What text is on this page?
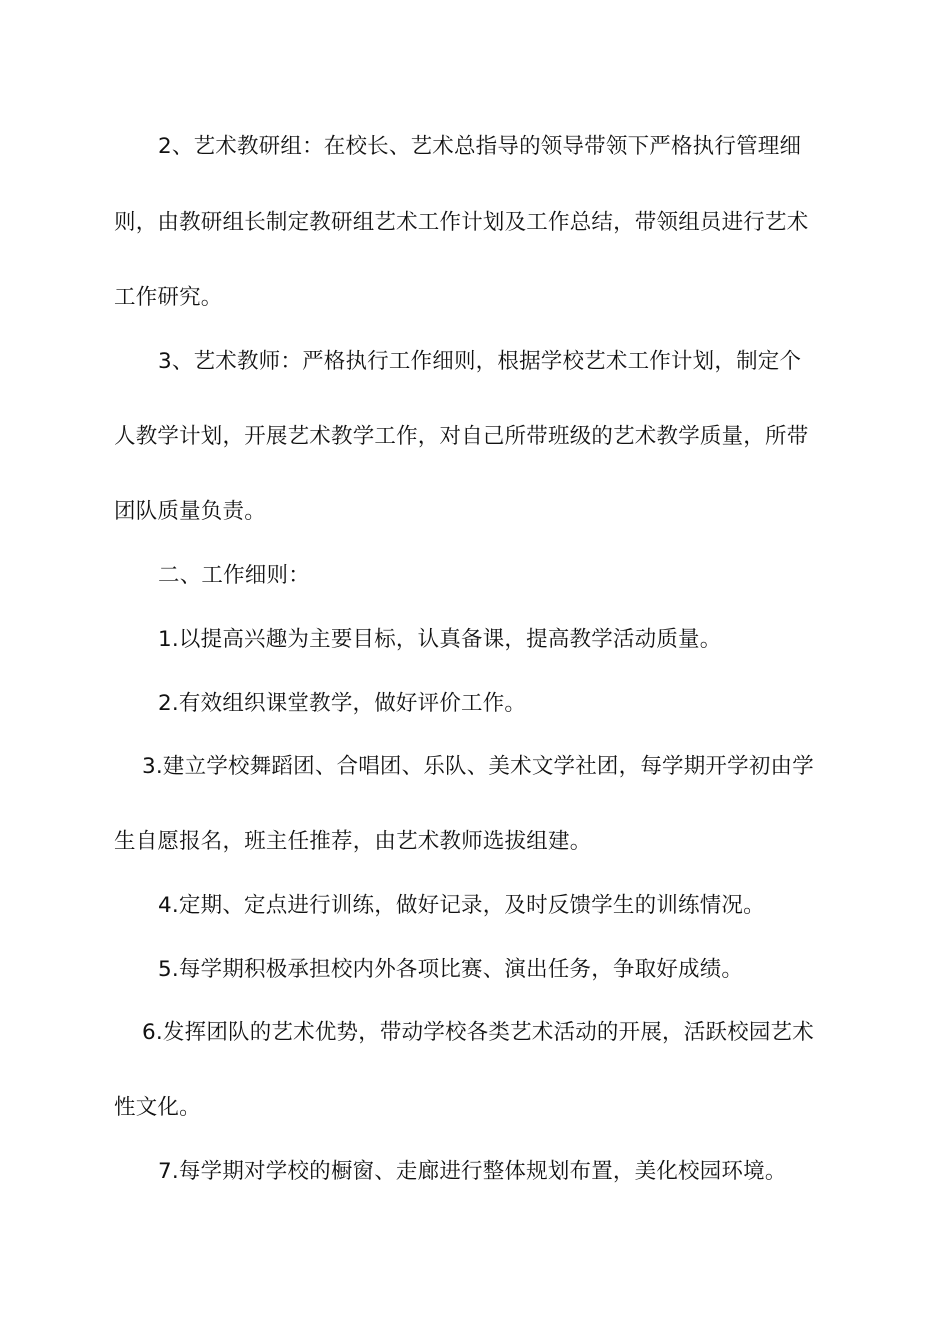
2、艺术教研组：在校长、艺术总指导的领导带领下严格执行管理细
则，由教研组长制定教研组艺术工作计划及工作总结，带领组员进行艺术
工作研究。
3、艺术教师：严格执行工作细则，根据学校艺术工作计划，制定个
人教学计划，开展艺术教学工作，对自己所带班级的艺术教学质量，所带
团队质量负责。
二、工作细则：
1.以提高兴趣为主要目标，认真备课，提高教学活动质量。
2.有效组织课堂教学，做好评价工作。
3.建立学校舞蹈团、合唱团、乐队、美术文学社团，每学期开学初由学
生自愿报名，班主任推荐，由艺术教师选拔组建。
4.定期、定点进行训练，做好记录，及时反馈学生的训练情况。
5.每学期积极承担校内外各项比赛、演出任务，争取好成绩。
6.发挥团队的艺术优势，带动学校各类艺术活动的开展，活跃校园艺术
性文化。
7.每学期对学校的橱窗、走廊进行整体规划布置，美化校园环境。
